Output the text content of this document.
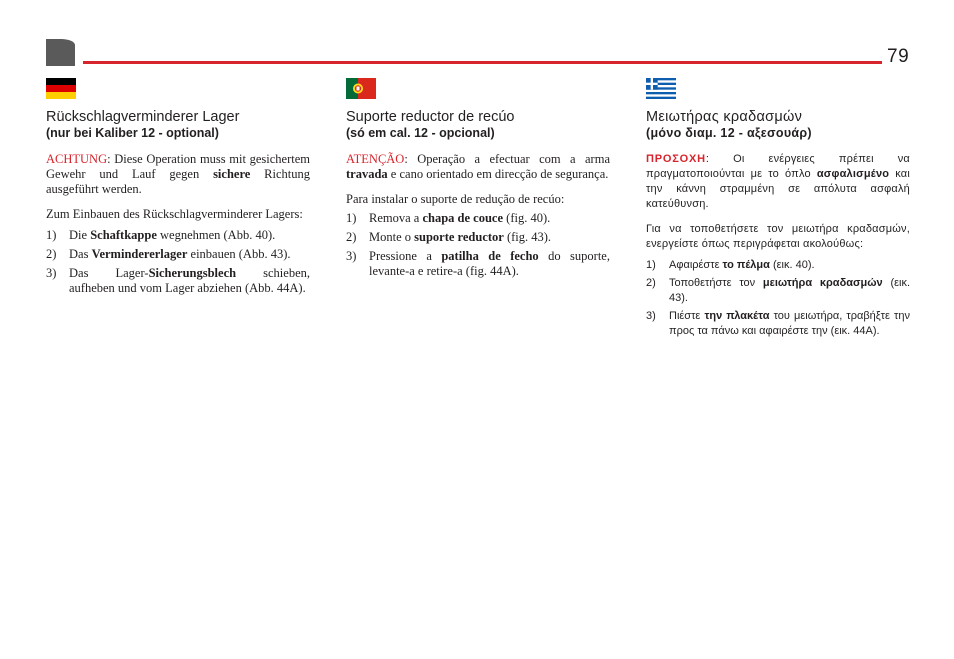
79
Rückschlagverminderer Lager
(nur bei Kaliber 12 - optional)

ACHTUNG: Diese Operation muss mit gesichertem Gewehr und Lauf gegen sichere Richtung ausgeführt werden.

Zum Einbauen des Rückschlagverminderer Lagers:

1) Die Schaftkappe wegnehmen (Abb. 40).
2) Das Vermindererlager einbauen (Abb. 43).
3) Das Lager-Sicherungsblech schieben, aufheben und vom Lager abziehen (Abb. 44A).
Suporte reductor de recúo
(só em cal. 12 - opcional)

ATENÇÃO: Operação a efectuar com a arma travada e cano orientado em direcção de segurança.

Para instalar o suporte de redução de recúo:

1) Remova a chapa de couce (fig. 40).
2) Monte o suporte reductor (fig. 43).
3) Pressione a patilha de fecho do suporte, levante-a e retire-a (fig. 44A).
Μειωτήρας κραδασμών
(μόνο διαμ. 12 - αξεσουάρ)

ΠΡΟΣΟΧΗ: Οι ενέργειες πρέπει να πραγματοποιούνται με το όπλο ασφαλισμένο και την κάννη στραμμένη σε απόλυτα ασφαλή κατεύθυνση.

Για να τοποθετήσετε τον μειωτήρα κραδασμών, ενεργείστε όπως περιγράφεται ακολούθως:

1) Αφαιρέστε το πέλμα (εικ. 40).
2) Τοποθετήστε τον μειωτήρα κραδασμών (εικ. 43).
3) Πιέστε την πλακέτα του μειωτήρα, τραβήξτε την προς τα πάνω και αφαιρέστε την (εικ. 44A).
